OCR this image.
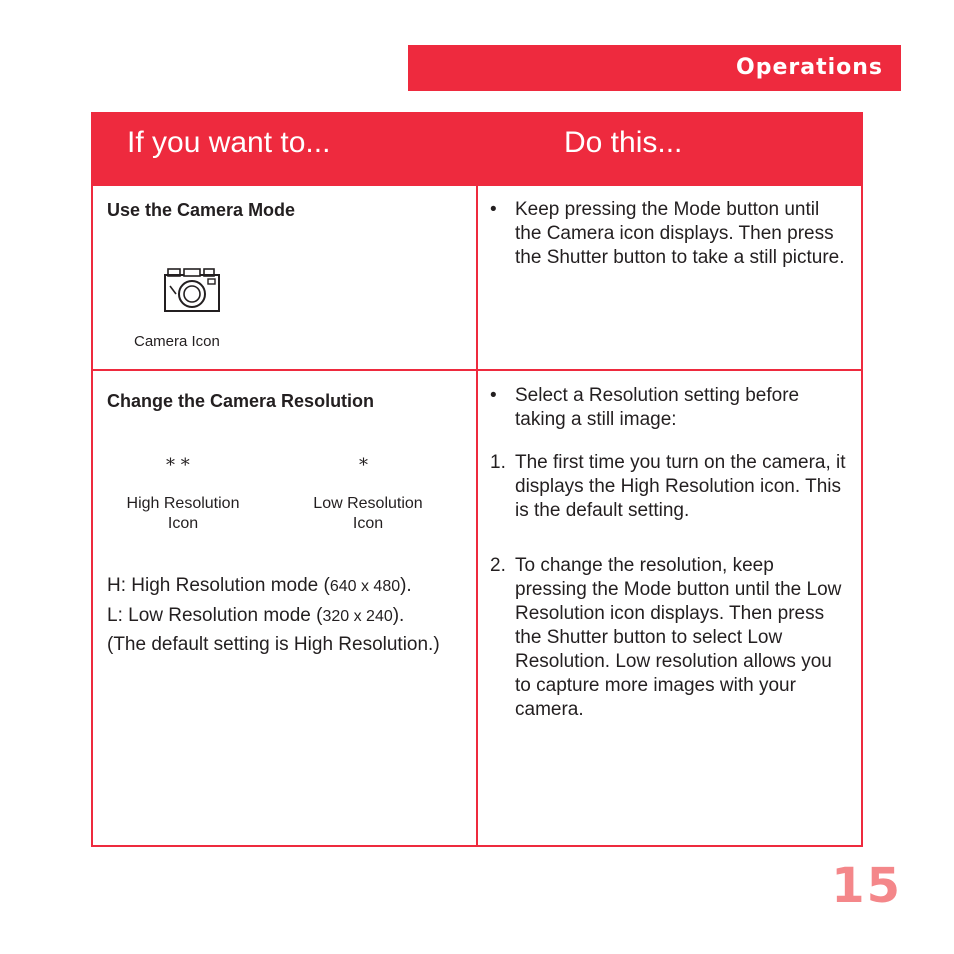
Operations
If you want to...	Do this...
Use the Camera Mode
Camera Icon
• Keep pressing the Mode button until the Camera icon displays. Then press the Shutter button to take a still picture.
Change the Camera Resolution
* *	*
High Resolution Icon
Low Resolution Icon
H: High Resolution mode (640 x 480).
L: Low Resolution mode (320 x 240).
(The default setting is High Resolution.)
• Select a Resolution setting before taking a still image:
1. The first time you turn on the camera, it displays the High Resolution icon. This is the default setting.
2. To change the resolution, keep pressing the Mode button until the Low Resolution icon displays. Then press the Shutter button to select Low Resolution. Low resolution allows you to capture more images with your camera.
15
